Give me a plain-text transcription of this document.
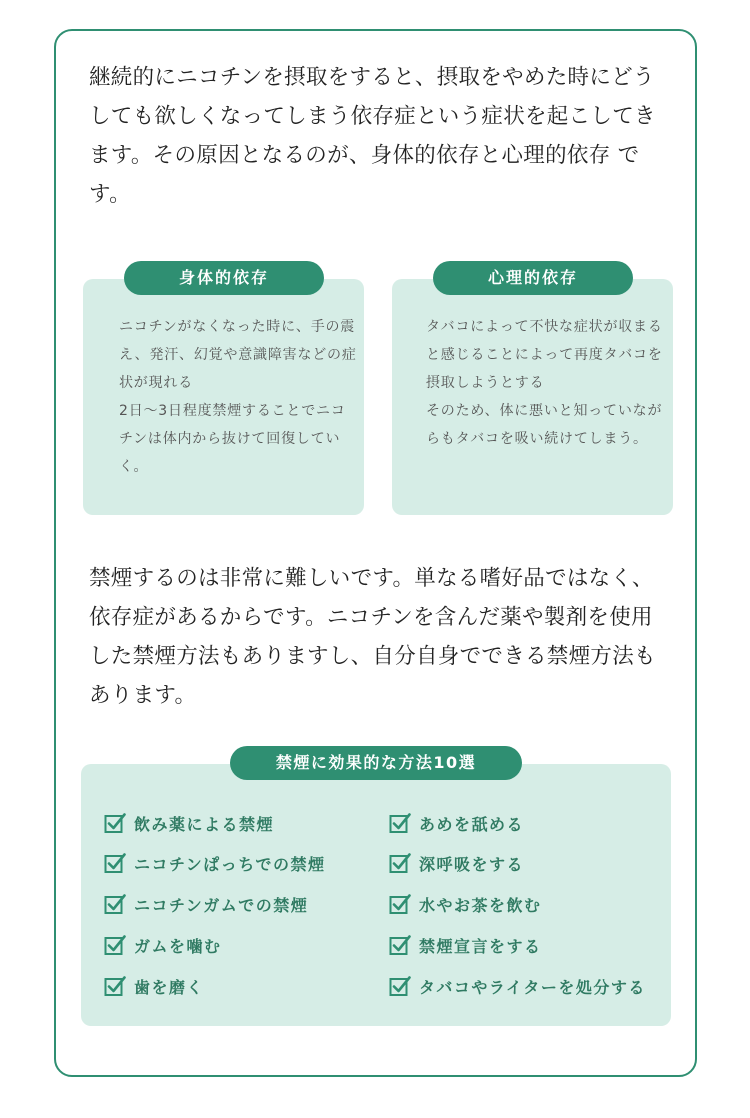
継続的にニコチンを摂取をすると、摂取をやめた時にどうしても欲しくなってしまう依存症という症状を起こしてきます。その原因となるのが、身体的依存と心理的依存 です。

身体的依存

ニコチンがなくなった時に、手の震え、発汗、幻覚や意識障害などの症状が現れる
2日～3日程度禁煙することでニコチンは体内から抜けて回復していく。

心理的依存

タバコによって不快な症状が収まると感じることによって再度タバコを摂取しようとする
そのため、体に悪いと知っていながらもタバコを吸い続けてしまう。

禁煙するのは非常に難しいです。単なる嗜好品ではなく、依存症があるからです。ニコチンを含んだ薬や製剤を使用した禁煙方法もありますし、自分自身でできる禁煙方法もあります。

禁煙に効果的な方法10選
飲み薬による禁煙
ニコチンぱっちでの禁煙
ニコチンガムでの禁煙
ガムを噛む
歯を磨く
あめを舐める
深呼吸をする
水やお茶を飲む
禁煙宣言をする
タバコやライターを処分する
